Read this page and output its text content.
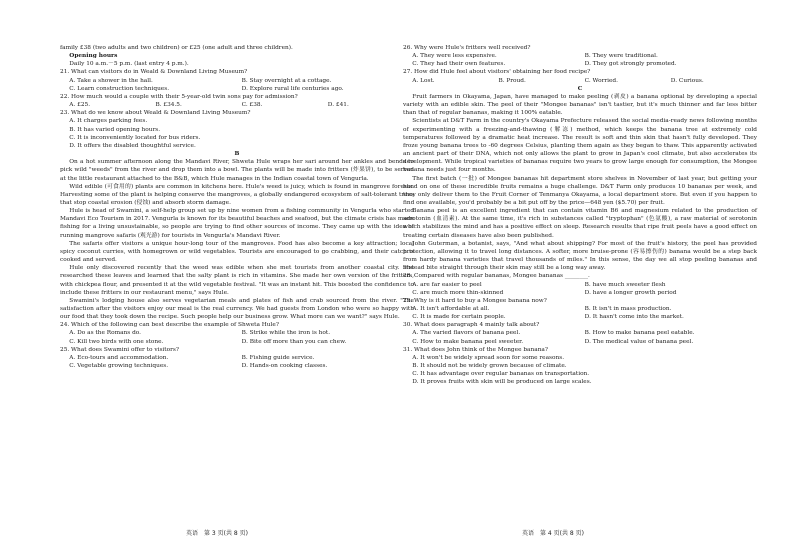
family £38 (two adults and two children) or £25 (one adult and three children).

Opening hours

Daily 10 a.m.－5 p.m. (last entry 4 p.m.).

21. What can visitors do in Weald & Downland Living Museum?

A. Take a shower in the hall.	B. Stay overnight at a cottage.
C. Learn construction techniques.	D. Explore rural life centuries ago.

22. How much would a couple with their 5-year-old twin sons pay for admission?

A. £25.	B. £34.5.	C. £38.	D. £41.

23. What do we know about Weald & Downland Living Museum?

A. It charges parking fees.
B. It has varied opening hours.
C. It is inconveniently located for bus riders.
D. It offers the disabled thoughtful service.

B

On a hot summer afternoon along the Mandavi River, Shweta Hule wraps her sari around her ankles and bends to pick wild "weeds" from the river and drop them into a bowl. The plants will be made into fritters (炸果饼), to be served at the little restaurant attached to the B&B, which Hule manages in the Indian coastal town of Vengurla.

Wild edible (可食用的) plants are common in kitchens here. Hule's weed is juicy, which is found in mangrove forests. Harvesting some of the plant is helping conserve the mangroves, a globally endangered ecosystem of salt-tolerant trees that stop coastal erosion (侵蚀) and absorb storm damage.

Hule is head of Swamini, a self-help group set up by nine women from a fishing community in Vengurla who started Mandavi Eco Tourism in 2017. Vengurla is known for its beautiful beaches and seafood, but the climate crisis has made fishing for a living unsustainable, so people are trying to find other sources of income. They came up with the idea of running mangrove safaris (观光游) for tourists in Vengurla's Mandavi River.

The safaris offer visitors a unique hour-long tour of the mangroves. Food has also become a key attraction; local spicy coconut curries, with homegrown or wild vegetables. Tourists are encouraged to go crabbing, and their catch is cooked and served.

Hule only discovered recently that the weed was edible when she met tourists from another coastal city. She researched these leaves and learned that the salty plant is rich in vitamins. She made her own version of the fritters, with chickpea flour, and presented it at the wild vegetable festival. "It was an instant hit. This boosted the confidence to include these fritters in our restaurant menu," says Hule.

Swamini's lodging house also serves vegetarian meals and plates of fish and crab sourced from the river. "The satisfaction after the visitors enjoy our meal is the real currency. We had guests from London who were so happy with our food that they took down the recipe. Such people help our business grow. What more can we want?" says Hule.

24. Which of the following can best describe the example of Shweta Hule?

A. Do as the Romans do.	B. Strike while the iron is hot.
C. Kill two birds with one stone.	D. Bite off more than you can chew.

25. What does Swamini offer to visitors?

A. Eco-tours and accommodation.	B. Fishing guide service.
C. Vegetable growing techniques.	D. Hands-on cooking classes.

26. Why were Hule's fritters well received?

A. They were less expensive.	B. They were traditional.
C. They had their own features.	D. They got strongly promoted.

27. How did Hule feel about visitors' obtaining her food recipe?

A. Lost.	B. Proud.	C. Worried.	D. Curious.

C

Fruit farmers in Okayama, Japan, have managed to make peeling (剥皮) a banana optional by developing a special variety with an edible skin. The peel of their "Mongee bananas" isn't tastier, but it's much thinner and far less bitter than that of regular bananas, making it 100% eatable.

Scientists at D&T Farm in the country's Okayama Prefecture released the social media-ready news following months of experimenting with a freezing-and-thawing (解冻) method, which keeps the banana tree at extremely cold temperatures followed by a dramatic heat increase. The result is soft and thin skin that hasn't fully developed. They froze young banana trees to -60 degrees Celsius, planting them again as they began to thaw. This apparently activated an ancient part of their DNA, which not only allows the plant to grow in Japan's cool climate, but also accelerates its development. While tropical varieties of bananas require two years to grow large enough for consumption, the Mongee banana needs just four months.

The first batch (一批) of Mongee bananas hit department store shelves in November of last year, but getting your hand on one of these incredible fruits remains a huge challenge. D&T Farm only produces 10 bananas per week, and they only deliver them to the Fruit Corner of Tenmanya Okayama, a local department store. But even if you happen to find one available, you'd probably be a bit put off by the price—648 yen ($5.70) per fruit.

Banana peel is an excellent ingredient that can contain vitamin B6 and magnesium related to the production of serotonin (血清素). At the same time, it's rich in substances called "tryptophan" (色氨酸), a raw material of serotonin which stabilizes the mind and has a positive effect on sleep. Research results that ripe fruit peels have a good effect on treating certain diseases have also been published.

John Guterman, a botanist, says, "And what about shipping? For most of the fruit's history, the peel has provided protection, allowing it to travel long distances. A softer, more bruise-prone (容易擦伤的) banana would be a step back from hardy banana varieties that travel thousands of miles." In this sense, the day we all stop peeling bananas and instead bite straight through their skin may still be a long way away.

28. Compared with regular bananas, Mongee bananas ________.

A. are far easier to peel	B. have much sweeter flesh
C. are much more thin-skinned	D. have a longer growth period

29. Why is it hard to buy a Mongee banana now?

A. It isn't affordable at all.	B. It isn't in mass production.
C. It is made for certain people.	D. It hasn't come into the market.

30. What does paragraph 4 mainly talk about?

A. The varied flavors of banana peel.	B. How to make banana peel eatable.
C. How to make banana peel sweeter.	D. The medical value of banana peel.

31. What does John think of the Mongee banana?

A. It won't be widely spread soon for some reasons.
B. It should not be widely grown because of climate.
C. It has advantage over regular bananas on transportation.
D. It proves fruits with skin will be produced on large scales.
英语　第 3 页(共 8 页)	英语　第 4 页(共 8 页)
